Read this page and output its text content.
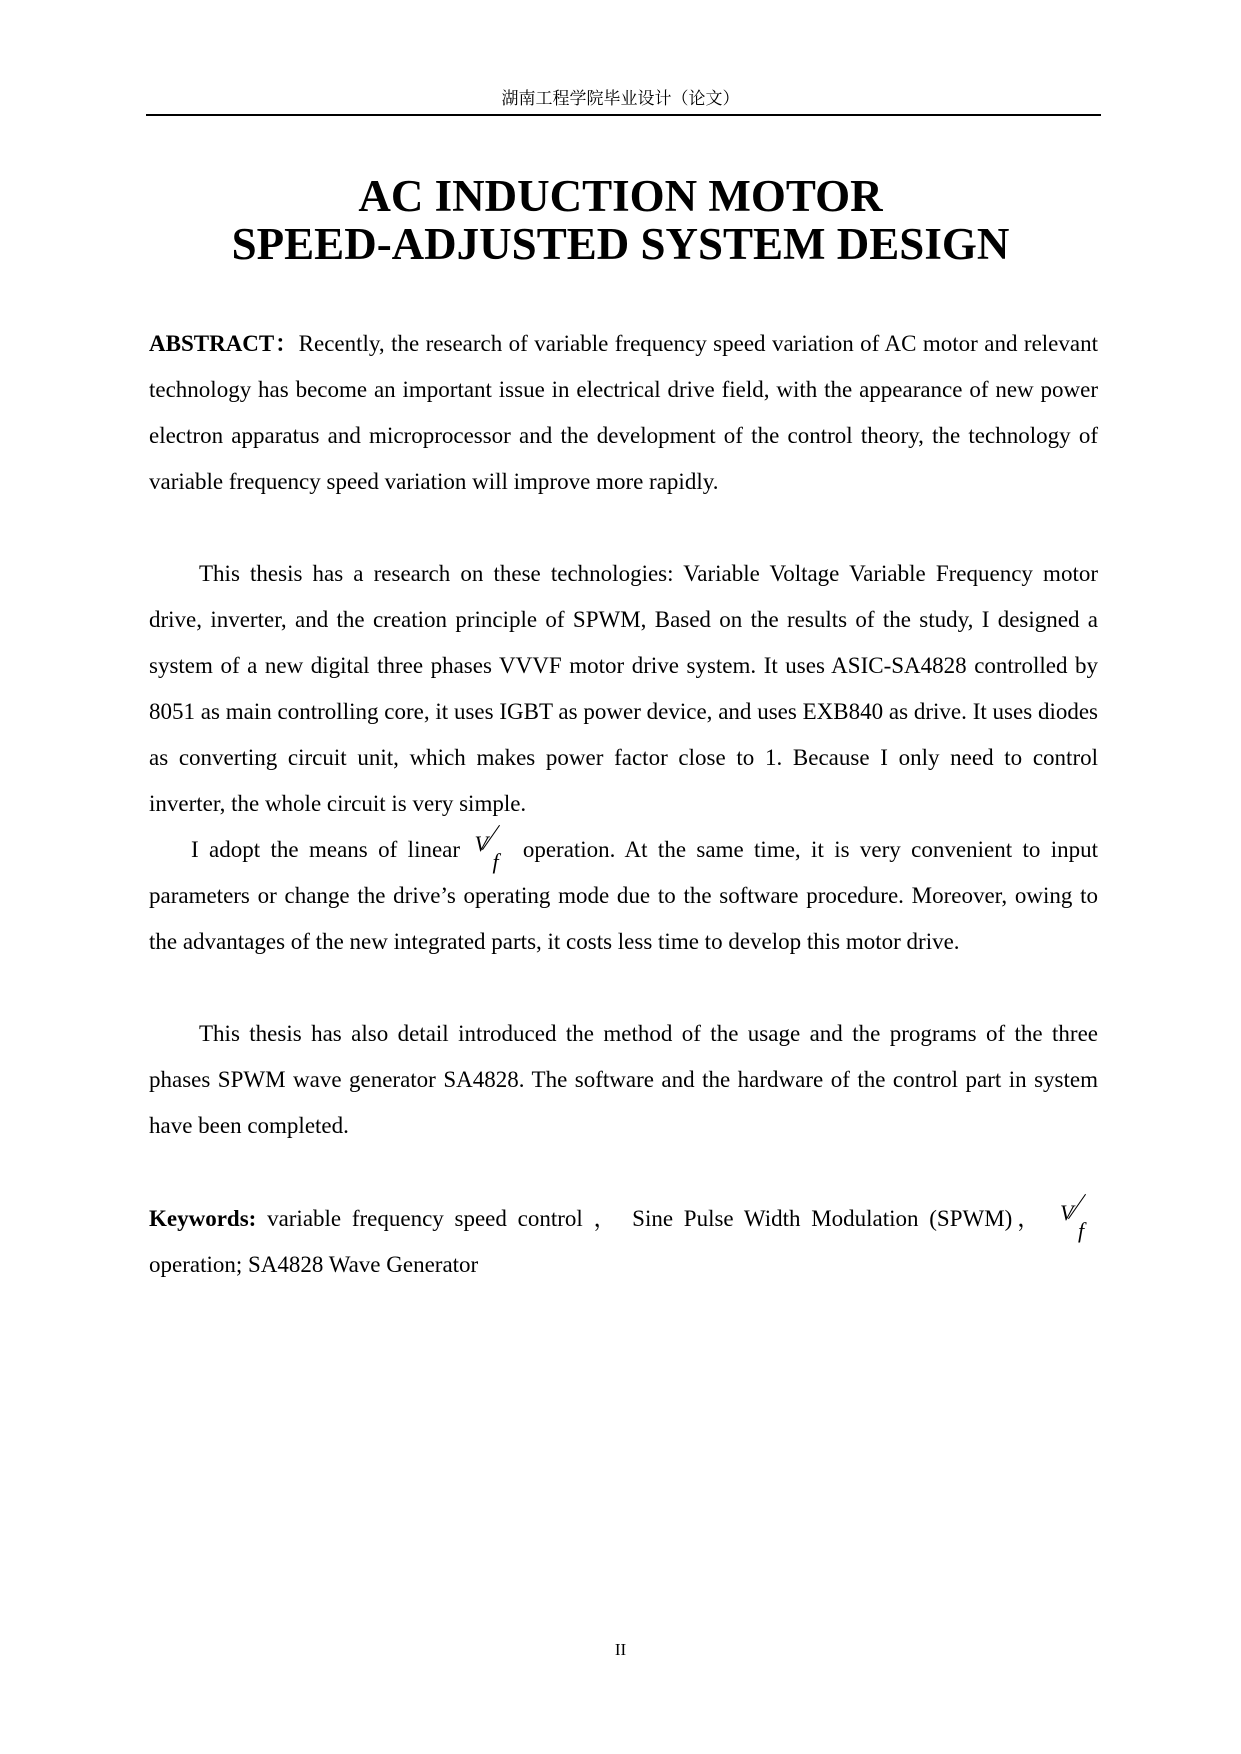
湖南工程学院毕业设计（论文）
AC INDUCTION MOTOR
SPEED-ADJUSTED SYSTEM DESIGN

ABSTRACT：Recently, the research of variable frequency speed variation of AC motor and relevant technology has become an important issue in electrical drive field, with the appearance of new power electron apparatus and microprocessor and the development of the control theory, the technology of variable frequency speed variation will improve more rapidly.

This thesis has a research on these technologies: Variable Voltage Variable Frequency motor drive, inverter, and the creation principle of SPWM, Based on the results of the study, I designed a system of a new digital three phases VVVF motor drive system. It uses ASIC-SA4828 controlled by 8051 as main controlling core, it uses IGBT as power device, and uses EXB840 as drive. It uses diodes as converting circuit unit, which makes power factor close to 1. Because I only need to control inverter, the whole circuit is very simple.

I adopt the means of linear V
f operation. At the same time, it is very convenient to input parameters or change the drive’s operating mode due to the software procedure. Moreover, owing to the advantages of the new integrated parts, it costs less time to develop this motor drive.

This thesis has also detail introduced the method of the usage and the programs of the three phases SPWM wave generator SA4828. The software and the hardware of the control part in system have been completed.

Keywords: variable frequency speed control ， Sine Pulse Width Modulation (SPWM)， V
f
operation; SA4828 Wave Generator

II
